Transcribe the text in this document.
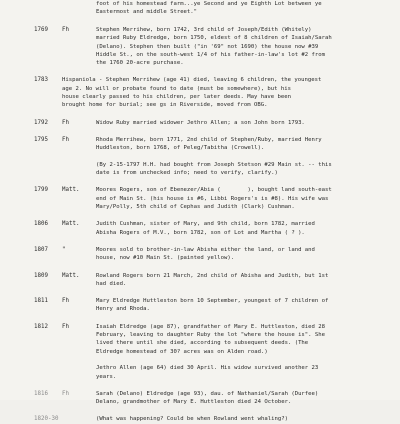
foot of his homestead farm...ye Second and ye Eighth Lot between ye
Eastermost and middle Street."
1769 Fh	Stephen Merrihew, born 1742, 3rd child of Joseph/Edith (Whitely)
married Ruby Eldredge, born 1750, eldest of 8 children of Isaiah/Sarah
(Delano). Stephen then built ("in '69" not 1690) the house now #39
Hiddle St., on the south-west 1/4 of his father-in-law's lot #2 from
the 1760 20-acre purchase.
1783	Hispaniola - Stephen Merrihew (age 41) died, leaving 6 children, the youngest
age 2. No will or probate found to date (must be somewhere), but his
house clearly passed to his children, per later deeds. May have been
brought home for burial; see gs in Riverside, moved from OBG.
1792 Fh	Widow Ruby married widower Jethro Allen; a son John born 1793.
1795 Fh	Rhoda Merrihew, born 1771, 2nd child of Stephen/Ruby, married Henry
Huddleston, born 1768, of Peleg/Tabitha (Crowell).

(By 2-15-1797 H.H. had bought from Joseph Stetson #29 Main st. -- this
date is from unchecked info; need to verify, clarify.)
1799 Matt.	Moores Rogers, son of Ebenezer/Abia (        ), bought land south-east
end of Main St. (his house is #6, Libbi Rogers's is #8). His wife was
Mary/Polly, 5th child of Cephas and Judith (Clark) Cushman.
1806 Matt.	Judith Cushman, sister of Mary, and 9th child, born 1782, married
Abisha Rogers of M.V., born 1782, son of Lot and Martha ( ? ).
1807 "	Moores sold to brother-in-law Abisha either the land, or land and
house, now #10 Main St. (painted yellow).
1809 Matt.	Rowland Rogers born 21 March, 2nd child of Abisha and Judith, but 1st
had died.
1811 Fh	Mary Eldredge Huttleston born 10 September, youngest of 7 children of
Henry and Rhoda.
1812 Fh	Isaiah Eldredge (age 87), grandfather of Mary E. Huttleston, died 28
February, leaving to daughter Ruby the lot "where the house is". She
lived there until she died, according to subsequent deeds. (The
Eldredge homestead of 30? acres was on Alden road.)

Jethro Allen (age 64) died 30 April. His widow survived another 23
years.
1816 Fh	Sarah (Delano) Eldredge (age 93), dau. of Nathaniel/Sarah (Durfee)
Delano, grandmother of Mary E. Huttleston died 24 October.
1820-30	(What was happening? Could be when Rowland went whaling?)
